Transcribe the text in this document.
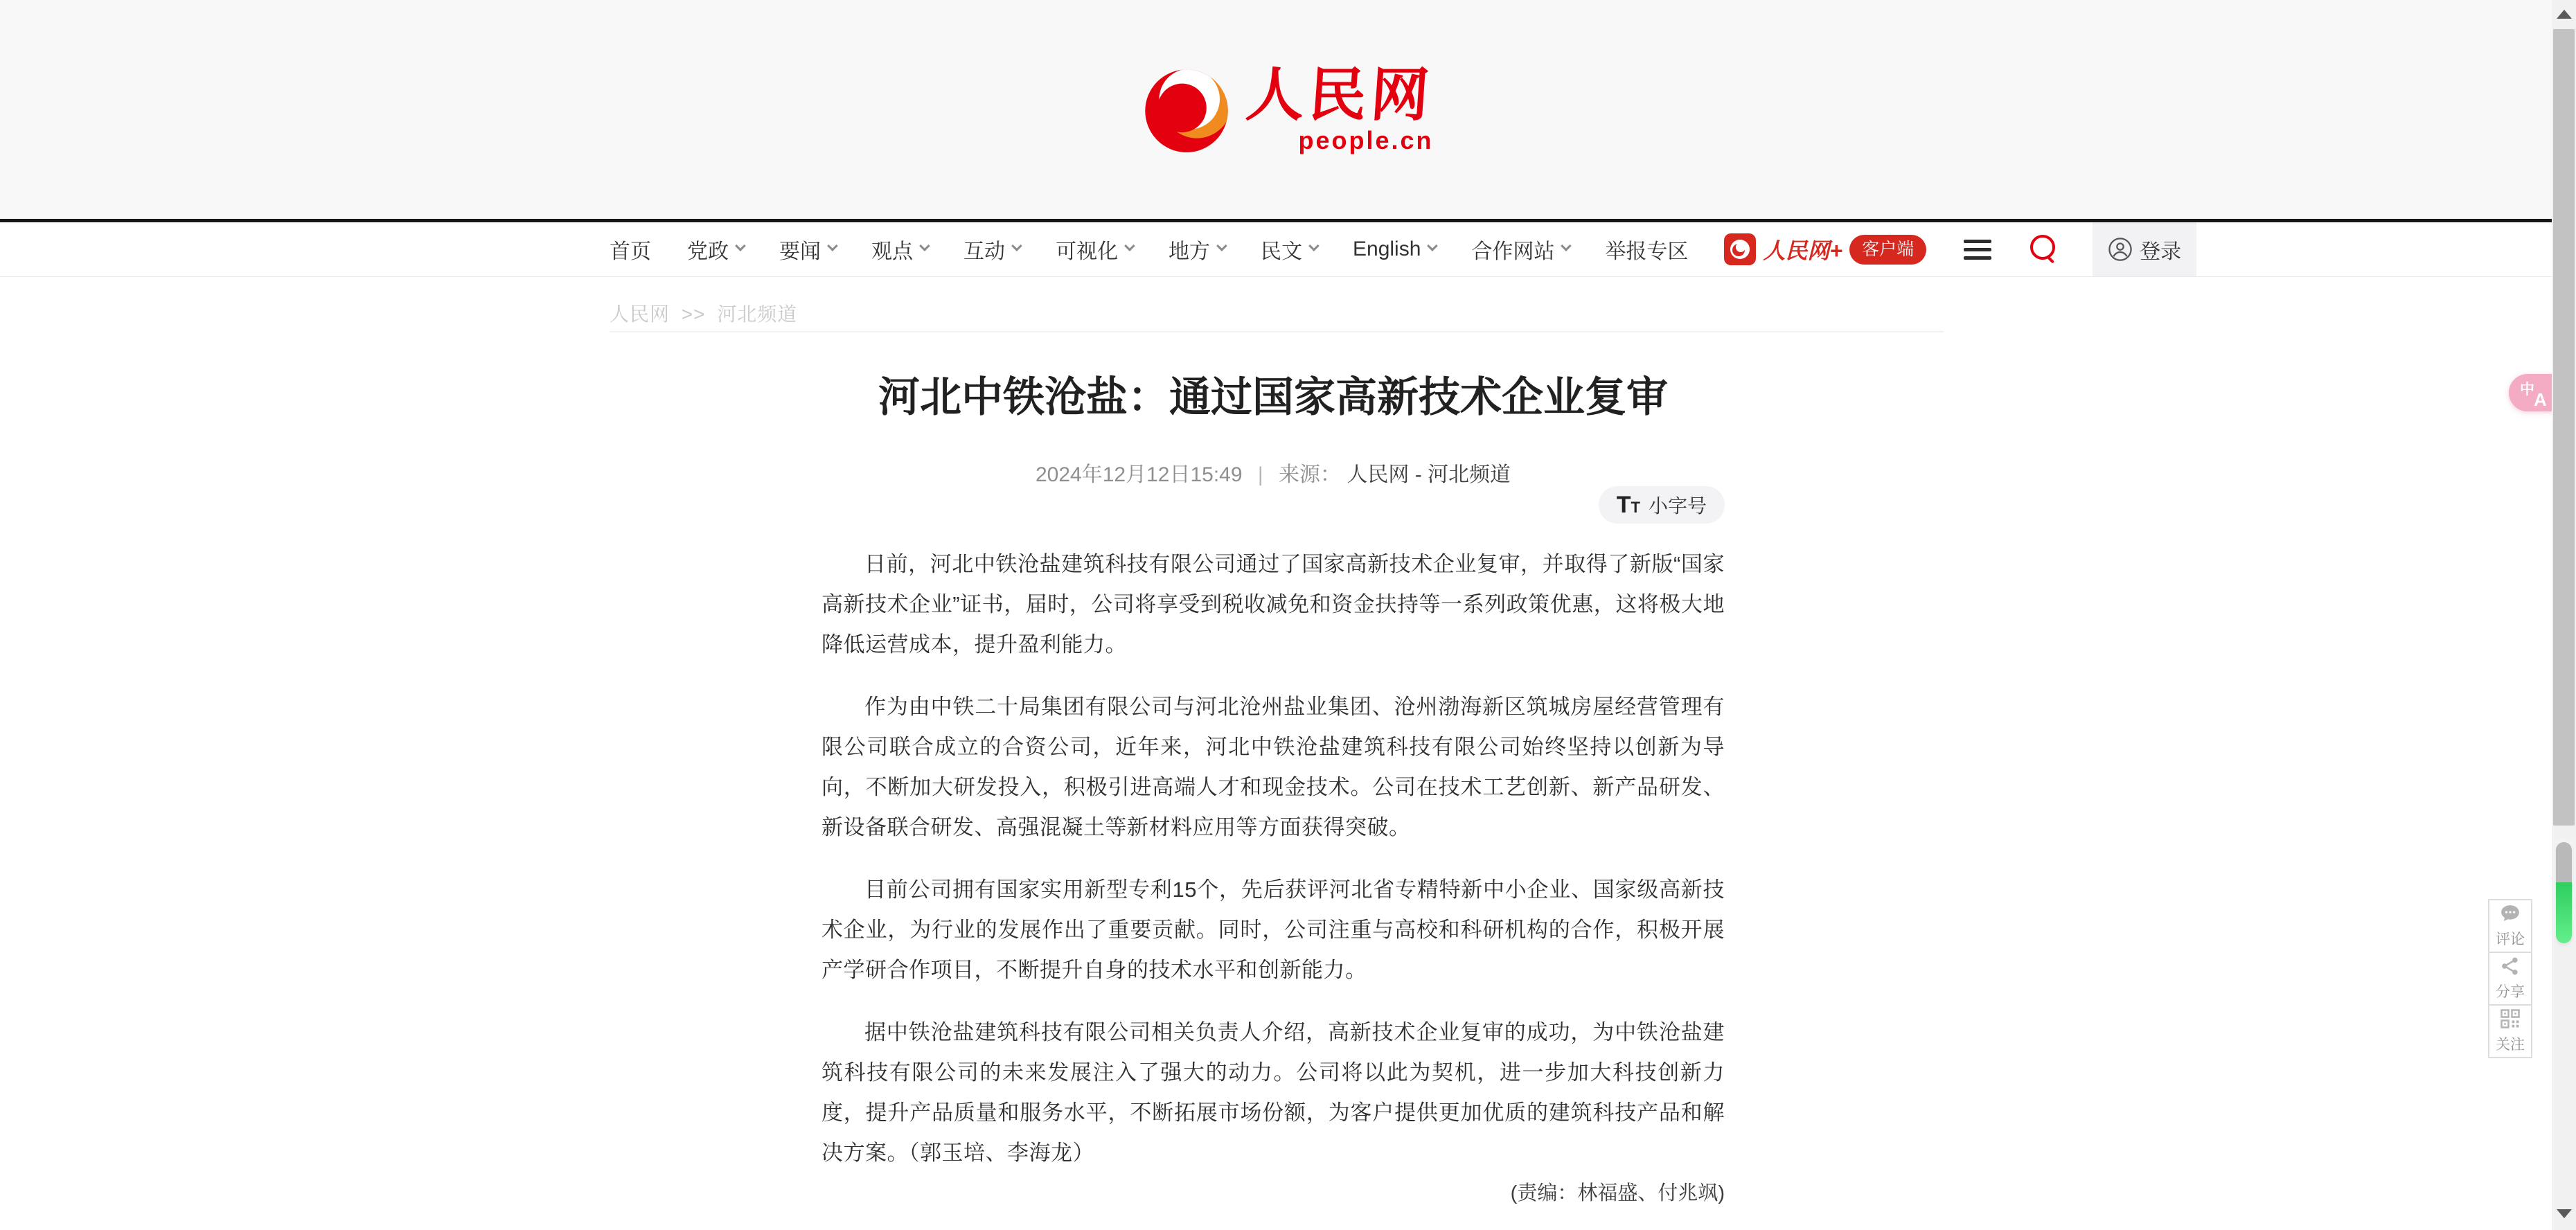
人民网
people.cn
首页 党政 要闻 观点 互动 可视化 地方 民文 English 合作网站 举报专区	人民网+	客户端	登录
人民网 >> 河北频道
河北中铁沧盐：通过国家高新技术企业复审
2024年12月12日15:49 | 来源： 人民网 - 河北频道
T T 小字号

日前，河北中铁沧盐建筑科技有限公司通过了国家高新技术企业复审，并取得了新版“国家高新技术企业”证书，届时，公司将享受到税收减免和资金扶持等一系列政策优惠，这将极大地降低运营成本，提升盈利能力。

作为由中铁二十局集团有限公司与河北沧州盐业集团、沧州渤海新区筑城房屋经营管理有限公司联合成立的合资公司，近年来，河北中铁沧盐建筑科技有限公司始终坚持以创新为导向，不断加大研发投入，积极引进高端人才和现金技术。公司在技术工艺创新、新产品研发、新设备联合研发、高强混凝土等新材料应用等方面获得突破。

目前公司拥有国家实用新型专利15个，先后获评河北省专精特新中小企业、国家级高新技术企业，为行业的发展作出了重要贡献。同时，公司注重与高校和科研机构的合作，积极开展产学研合作项目，不断提升自身的技术水平和创新能力。

据中铁沧盐建筑科技有限公司相关负责人介绍，高新技术企业复审的成功，为中铁沧盐建筑科技有限公司的未来发展注入了强大的动力。公司将以此为契机，进一步加大科技创新力度，提升产品质量和服务水平，不断拓展市场份额，为客户提供更加优质的建筑科技产品和解决方案。（郭玉培、李海龙）

(责编：林福盛、付兆飒)
评论
分享
关注
中 A
